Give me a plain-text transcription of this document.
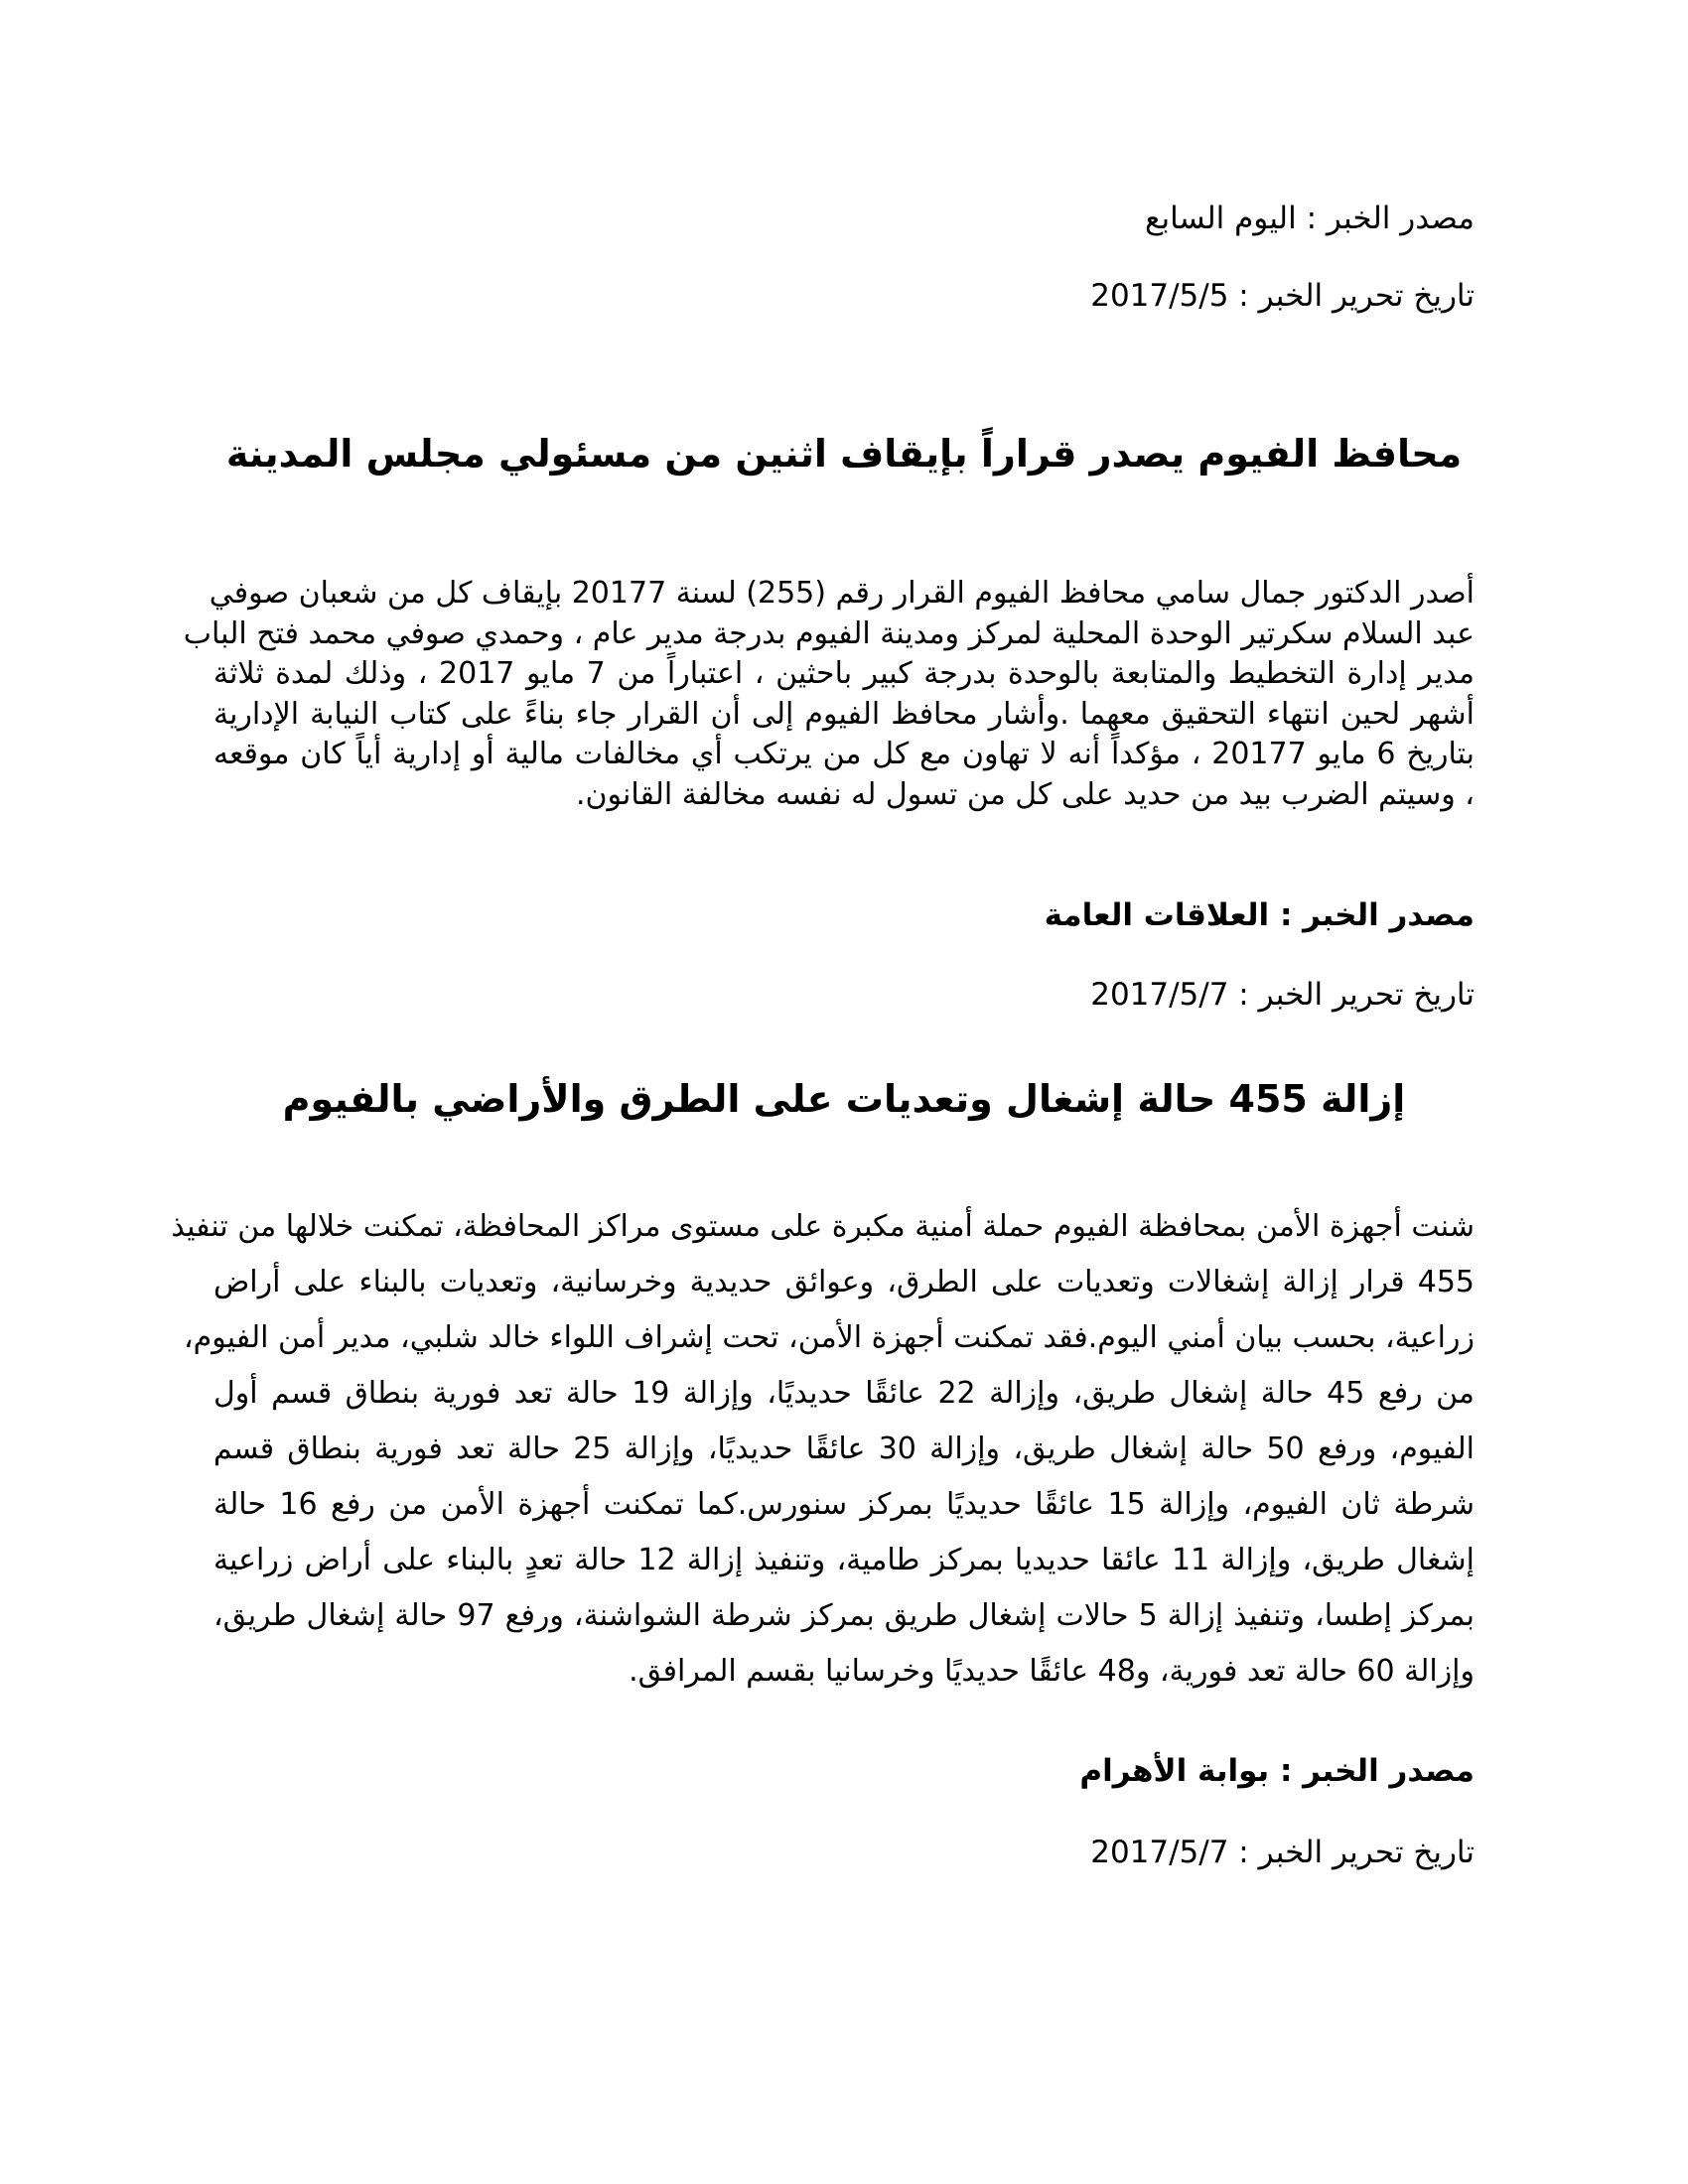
مصدر الخبر : اليوم السابع
تاريخ تحرير الخبر : 2017/5/5
محافظ الفيوم يصدر قراراً بإيقاف اثنين من مسئولي مجلس المدينة
أصدر الدكتور جمال سامي محافظ الفيوم القرار رقم (255) لسنة 20177 بإيقاف كل من شعبان صوفي
عبد السلام سكرتير الوحدة المحلية لمركز ومدينة الفيوم بدرجة مدير عام ، وحمدي صوفي محمد فتح الباب
مدير إدارة التخطيط والمتابعة بالوحدة بدرجة كبير باحثين ، اعتباراً من 7 مايو 2017 ، وذلك لمدة ثلاثة
أشهر لحين انتهاء التحقيق معهما .وأشار محافظ الفيوم إلى أن القرار جاء بناءً على كتاب النيابة الإدارية
بتاريخ 6 مايو 20177 ، مؤكداً أنه لا تهاون مع كل من يرتكب أي مخالفات مالية أو إدارية أياً كان موقعه
، وسيتم الضرب بيد من حديد على كل من تسول له نفسه مخالفة القانون.
مصدر الخبر : العلاقات العامة
تاريخ تحرير الخبر : 2017/5/7
إزالة 455 حالة إشغال وتعديات على الطرق والأراضي بالفيوم
شنت أجهزة الأمن بمحافظة الفيوم حملة أمنية مكبرة على مستوى مراكز المحافظة، تمكنت خلالها من تنفيذ
455 قرار إزالة إشغالات وتعديات على الطرق، وعوائق حديدية وخرسانية، وتعديات بالبناء على أراض
زراعية، بحسب بيان أمني اليوم.فقد تمكنت أجهزة الأمن، تحت إشراف اللواء خالد شلبي، مدير أمن الفيوم،
من رفع 45 حالة إشغال طريق، وإزالة 22 عائقًا حديديًا، وإزالة 19 حالة تعد فورية بنطاق قسم أول
الفيوم، ورفع 50 حالة إشغال طريق، وإزالة 30 عائقًا حديديًا، وإزالة 25 حالة تعد فورية بنطاق قسم
شرطة ثان الفيوم، وإزالة 15 عائقًا حديديًا بمركز سنورس.كما تمكنت أجهزة الأمن من رفع 16 حالة
إشغال طريق، وإزالة 11 عائقا حديديا بمركز طامية، وتنفيذ إزالة 12 حالة تعدٍ بالبناء على أراض زراعية
بمركز إطسا، وتنفيذ إزالة 5 حالات إشغال طريق بمركز شرطة الشواشنة، ورفع 97 حالة إشغال طريق،
وإزالة 60 حالة تعد فورية، و48 عائقًا حديديًا وخرسانيا بقسم المرافق.
مصدر الخبر : بوابة الأهرام
تاريخ تحرير الخبر : 2017/5/7
